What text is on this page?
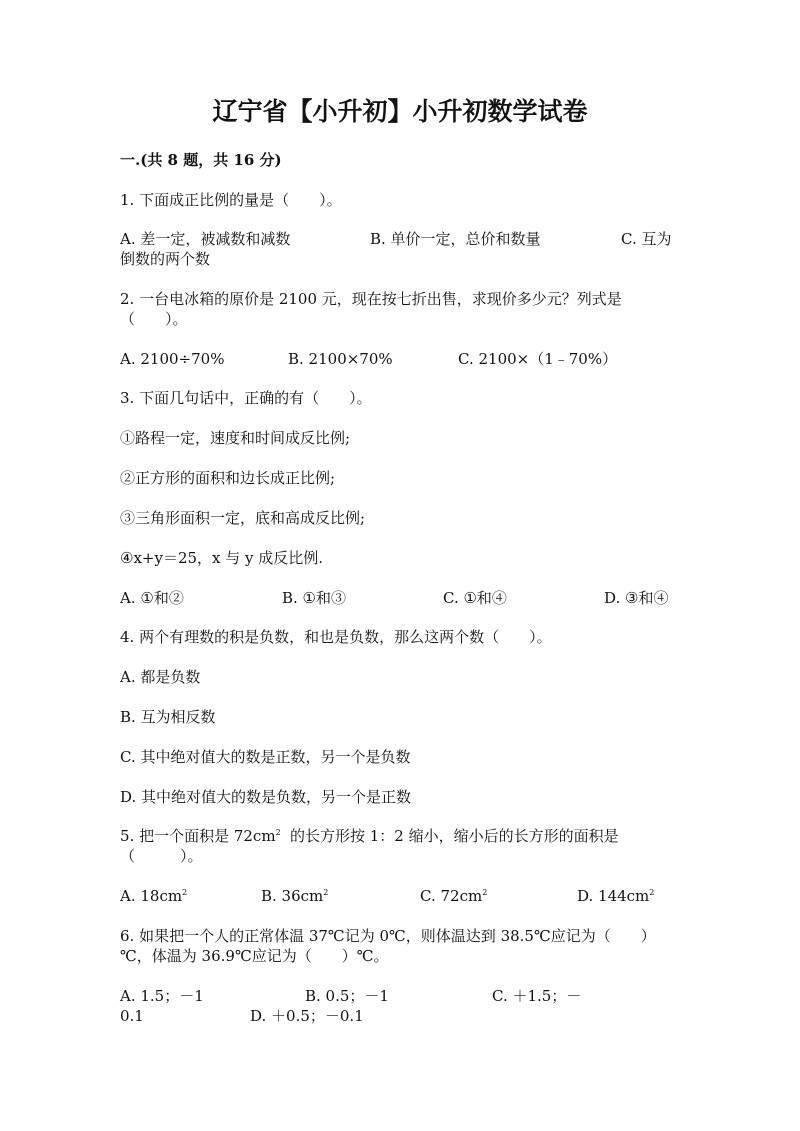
辽宁省【小升初】小升初数学试卷
一.(共 8 题，共 16 分)
1. 下面成正比例的量是（　　）。
A. 差一定，被减数和减数	B. 单价一定，总价和数量	C. 互为
倒数的两个数
2. 一台电冰箱的原价是 2100 元，现在按七折出售，求现价多少元？列式是
（　　）。
A. 2100÷70%	B. 2100×70%	C. 2100×（1﹣70%）
3. 下面几句话中，正确的有（　　）。
①路程一定，速度和时间成反比例;
②正方形的面积和边长成正比例;
③三角形面积一定，底和高成反比例;
④x+y＝25，x 与 y 成反比例.
A. ①和②	B. ①和③	C. ①和④	D. ③和④
4. 两个有理数的积是负数，和也是负数，那么这两个数（　　）。
A. 都是负数
B. 互为相反数
C. 其中绝对值大的数是正数，另一个是负数
D. 其中绝对值大的数是负数，另一个是正数
5. 把一个面积是 $72cm^2$ 的长方形按 1：2 缩小，缩小后的长方形的面积是
（　　　）。
A. $18cm^2$	B. $36cm^2$	C. $72cm^2$	D. $144cm^2$
6. 如果把一个人的正常体温 37℃记为 0℃，则体温达到 38.5℃应记为（　　）
℃，体温为 36.9℃应记为（　　）℃。
A. 1.5；－1	B. 0.5；－1	C. ＋1.5；－
0.1	D. ＋0.5；－0.1
